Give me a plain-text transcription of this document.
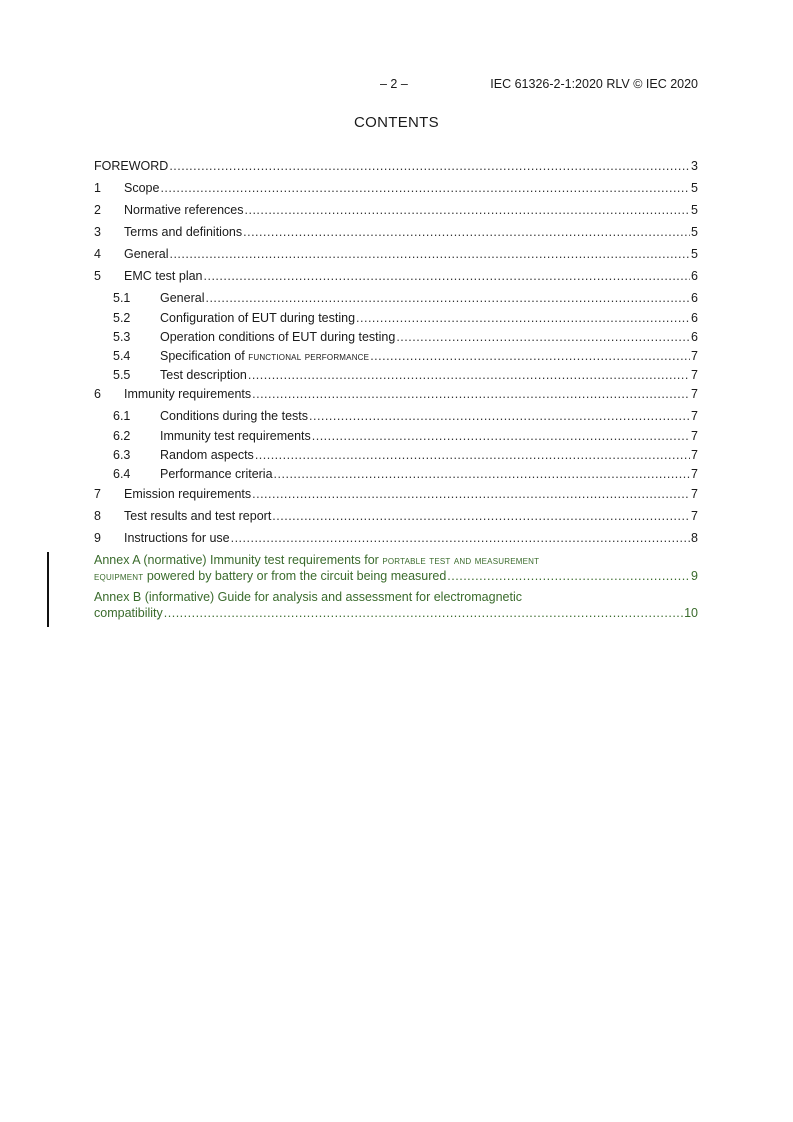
– 2 –	IEC 61326-2-1:2020 RLV © IEC 2020
CONTENTS
FOREWORD .....	3
1 Scope .....	5
2 Normative references .....	5
3 Terms and definitions .....	5
4 General .....	5
5 EMC test plan .....	6
5.1 General .....	6
5.2 Configuration of EUT during testing .....	6
5.3 Operation conditions of EUT during testing .....	6
5.4 Specification of functional performance .....	7
5.5 Test description .....	7
6 Immunity requirements .....	7
6.1 Conditions during the tests .....	7
6.2 Immunity test requirements .....	7
6.3 Random aspects .....	7
6.4 Performance criteria .....	7
7 Emission requirements .....	7
8 Test results and test report .....	7
9 Instructions for use .....	8
Annex A (normative) Immunity test requirements for portable test and measurement
equipment powered by battery or from the circuit being measured .....	9
Annex B (informative) Guide for analysis and assessment for electromagnetic
compatibility .....	10
